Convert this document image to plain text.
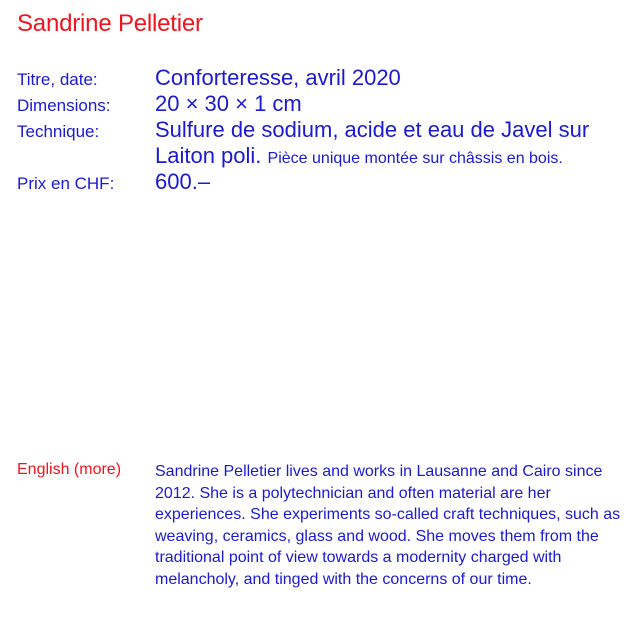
Sandrine Pelletier
Titre, date:	Conforteresse, avril 2020
Dimensions: 20 × 30 × 1 cm
Technique:	Sulfure de sodium, acide et eau de Javel sur Laiton poli. Pièce unique montée sur châssis en bois.
Prix en CHF: 600.–
English (more) Sandrine Pelletier lives and works in Lausanne and Cairo since 2012. She is a polytechnician and often material are her experiences. She experiments so-called craft techniques, such as weaving, ceramics, glass and wood. She moves them from the traditional point of view towards a modernity charged with melancholy, and tinged with the concerns of our time.
